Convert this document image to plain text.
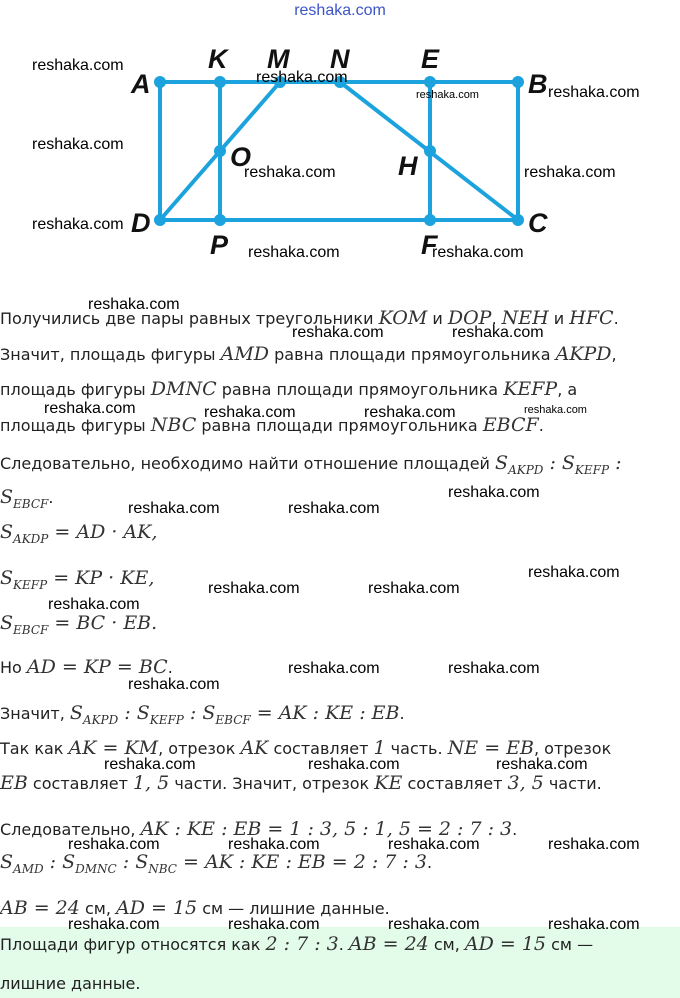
reshaka.com
A
K M N	E
B
O	H
D
P	F
C
Получились две пары равных треугольники KOM и DOP, NEH и HFC.
Значит, площадь фигуры AMD равна площади прямоугольника AKPD,
площадь фигуры DMNC равна площади прямоугольника KEFP, а
площадь фигуры NBC равна площади прямоугольника EBCF.
Следовательно, необходимо найти отношение площадей $S_{AKPD}$ : $S_{KEFP}$ :
$S_{EBCF}$.
$S_{AKDP}$ = AD · AK,
$S_{KEFP}$ = KP · KE,
$S_{EBCF}$ = BC · EB.
Но AD = KP = BC.
Значит, $S_{AKPD}$ : $S_{KEFP}$ : $S_{EBCF}$ = AK : KE : EB.
Так как AK = KM, отрезок AK составляет 1 часть. NE = EB, отрезок
EB составляет 1, 5 части. Значит, отрезок KE составляет 3, 5 части.
Следовательно, AK : KE : EB = 1 : 3, 5 : 1, 5 = 2 : 7 : 3.
$S_{AMD}$ : $S_{DMNC}$ : $S_{NBC}$ = AK : KE : EB = 2 : 7 : 3.
AB = 24 см, AD = 15 см — лишние данные.
Площади фигур относятся как 2 : 7 : 3. AB = 24 см, AD = 15 см —
лишние данные.
reshaka.com
reshaka.com
reshaka.com	reshaka.com
reshaka.com
reshaka.com	reshaka.com
reshaka.com
reshaka.com	reshaka.com
reshaka.com
reshaka.com	reshaka.com
reshaka.com	reshaka.com	reshaka.com	reshaka.com
reshaka.com
reshaka.com	reshaka.com
reshaka.com
reshaka.com	reshaka.com
reshaka.com
reshaka.com	reshaka.com
reshaka.com
reshaka.com	reshaka.com	reshaka.com
reshaka.com	reshaka.com	reshaka.com	reshaka.com
reshaka.com	reshaka.com	reshaka.com	reshaka.com
